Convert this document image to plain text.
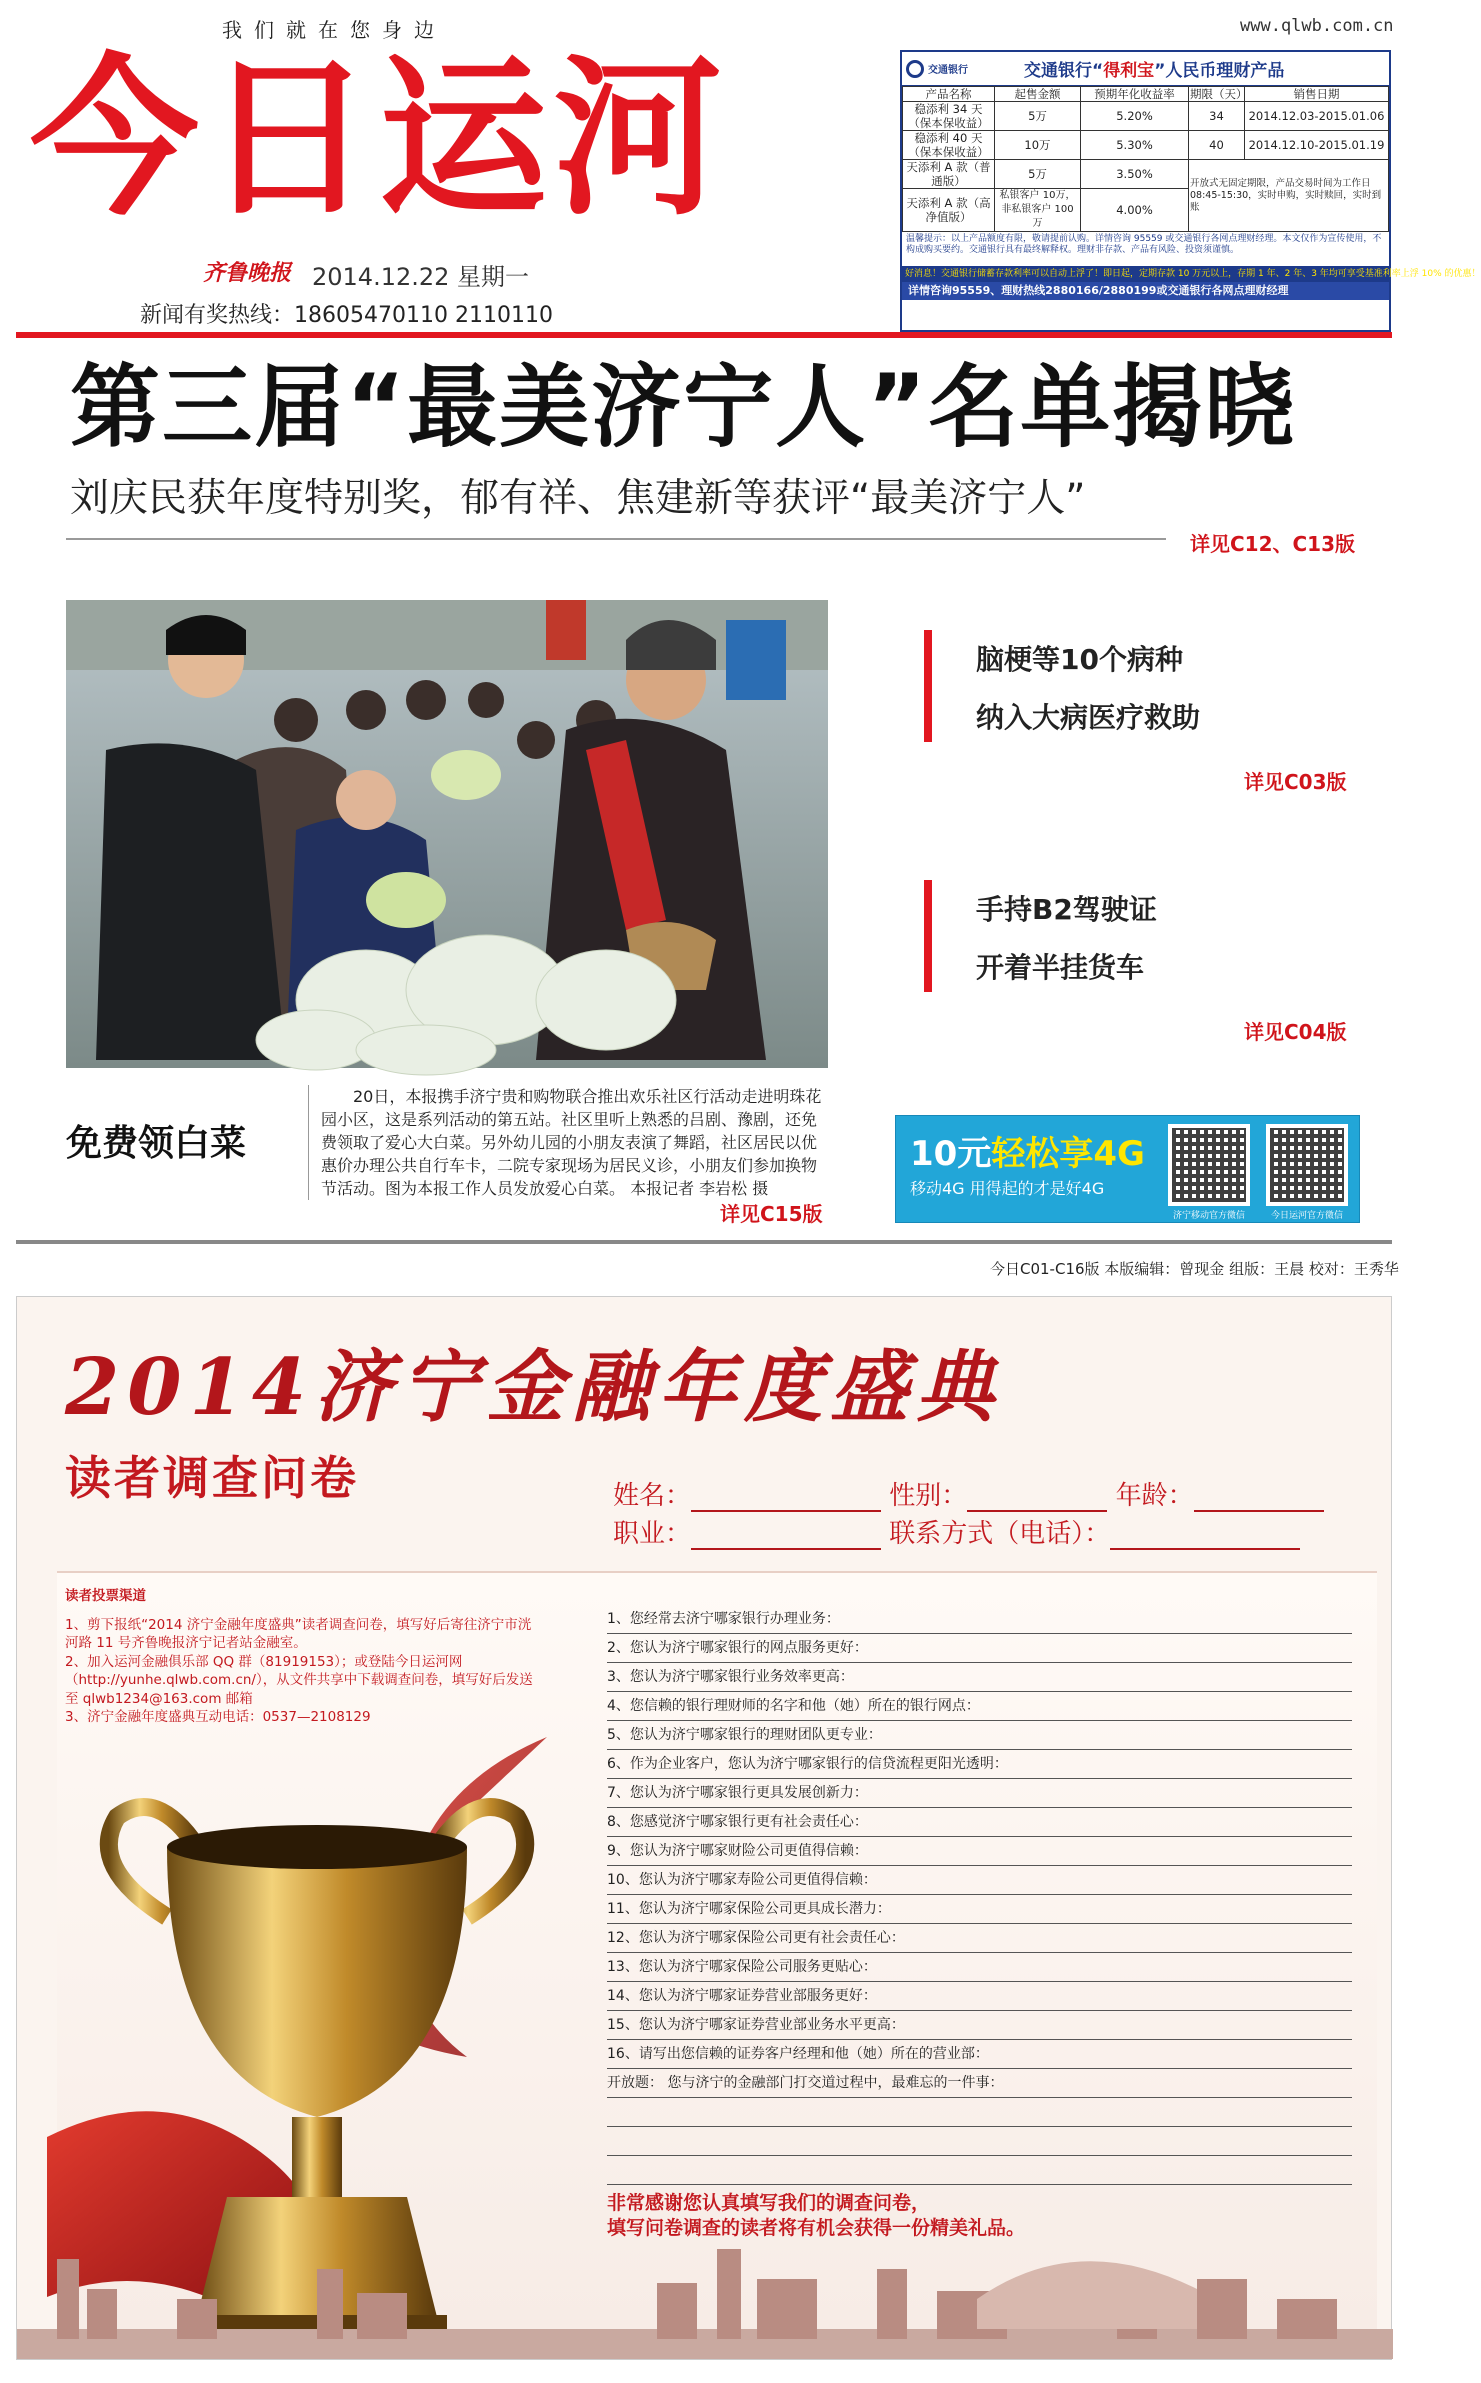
我们就在您身边	www.qlwb.com.cn
今日运河
齐鲁晚报 2014.12.22 星期一
新闻有奖热线：18605470110 2110110
交通银行	交通银行“得利宝”人民币理财产品
产品名称	起售金额	预期年化收益率	期限（天）	销售日期
稳添利 34 天（保本保收益）	5万	5.20%	34	2014.12.03-2015.01.06
稳添利 40 天（保本保收益）	10万	5.30%	40	2014.12.10-2015.01.19
天添利 A 款（普通版）	5万	3.50%	开放式无固定期限，产品交易时间为工作日 08:45-15:30，实时申购，实时赎回，实时到账	
天添利 A 款（高净值版）	私银客户 10万，非私银客户 100 万	4.00%		
温馨提示：以上产品额度有限，敬请提前认购。详情咨询 95559 或交通银行各网点理财经理。本文仅作为宣传使用，不构成购买要约。交通银行具有最终解释权。理财非存款、产品有风险、投资须谨慎。
好消息！交通银行储蓄存款利率可以自动上浮了！即日起，定期存款 10 万元以上，存期 1 年、2 年、3 年均可享受基准利率上浮 10% 的优惠！
详情咨询95559、理财热线2880166/2880199或交通银行各网点理财经理
第三届“最美济宁人”名单揭晓
刘庆民获年度特别奖，郁有祥、焦建新等获评“最美济宁人”
详见C12、C13版
20日，本报携手济宁贵和购物联合推出欢乐社区行活动走进明珠花园小区，这是系列活动的第五站。社区里听上熟悉的吕剧、豫剧，还免费领取了爱心大白菜。另外幼儿园的小朋友表演了舞蹈，社区居民以优惠价办理公共自行车卡，二院专家现场为居民义诊，小朋友们参加换物节活动。图为本报工作人员发放爱心白菜。 本报记者 李岩松 摄
免费领白菜
详见C15版
脑梗等10个病种
纳入大病医疗救助
详见C03版
手持B2驾驶证
开着半挂货车
详见C04版
10元轻松享4G
移动4G 用得起的才是好4G
济宁移动官方微信	今日运河官方微信
今日C01-C16版 本版编辑：曾现金 组版：王晨 校对：王秀华
2014济宁金融年度盛典
读者调查问卷	姓名：	性别：	年龄：
职业：	联系方式（电话）：
读者投票渠道
1、剪下报纸“2014 济宁金融年度盛典”读者调查问卷，填写好后寄往济宁市洸河路 11 号齐鲁晚报济宁记者站金融室。
2、加入运河金融俱乐部 QQ 群（81919153）；或登陆今日运河网（http://yunhe.qlwb.com.cn/），从文件共享中下载调查问卷，填写好后发送至 qlwb1234@163.com 邮箱
3、济宁金融年度盛典互动电话：0537—2108129
1、您经常去济宁哪家银行办理业务：
2、您认为济宁哪家银行的网点服务更好：
3、您认为济宁哪家银行业务效率更高：
4、您信赖的银行理财师的名字和他（她）所在的银行网点：
5、您认为济宁哪家银行的理财团队更专业：
6、作为企业客户，您认为济宁哪家银行的信贷流程更阳光透明：
7、您认为济宁哪家银行更具发展创新力：
8、您感觉济宁哪家银行更有社会责任心：
9、您认为济宁哪家财险公司更值得信赖：
10、您认为济宁哪家寿险公司更值得信赖：
11、您认为济宁哪家保险公司更具成长潜力：
12、您认为济宁哪家保险公司更有社会责任心：
13、您认为济宁哪家保险公司服务更贴心：
14、您认为济宁哪家证券营业部服务更好：
15、您认为济宁哪家证券营业部业务水平更高：
16、请写出您信赖的证券客户经理和他（她）所在的营业部：
开放题： 您与济宁的金融部门打交道过程中，最难忘的一件事：
非常感谢您认真填写我们的调查问卷，
填写问卷调查的读者将有机会获得一份精美礼品。
